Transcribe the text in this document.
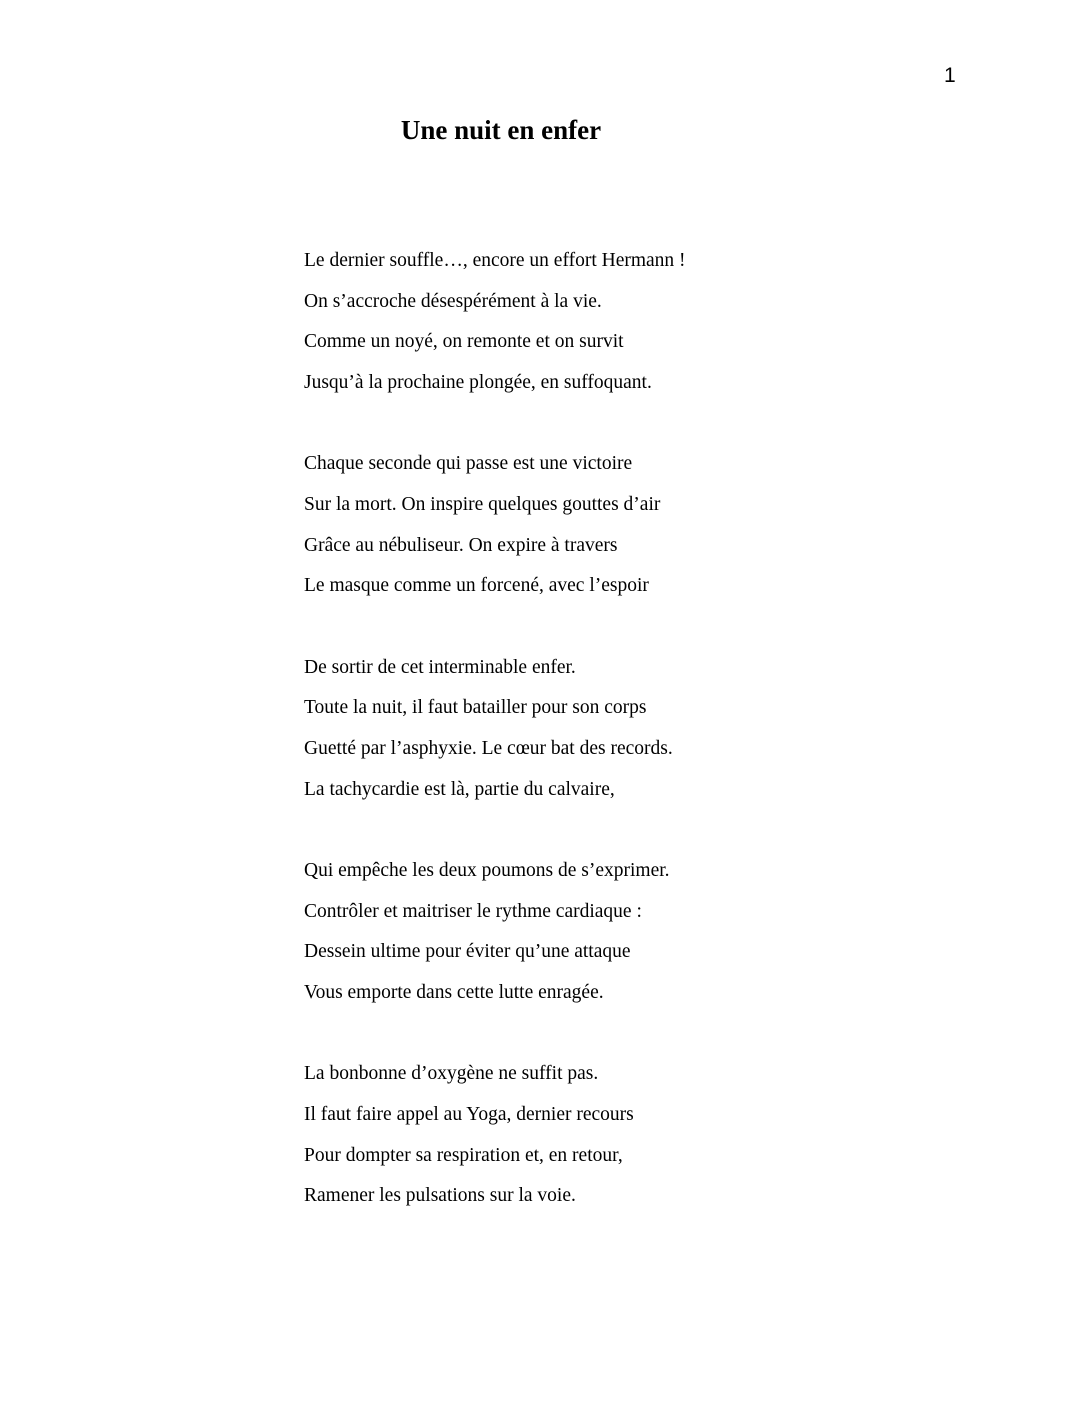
1
Une nuit en enfer
Le dernier souffle…, encore un effort Hermann !
On s’accroche désespérément à la vie.
Comme un noyé, on remonte et on survit
Jusqu’à la prochaine plongée, en suffoquant.
Chaque seconde qui passe est une victoire
Sur la mort. On inspire quelques gouttes d’air
Grâce au nébuliseur. On expire à travers
Le masque comme un forcené, avec l’espoir
De sortir de cet interminable enfer.
Toute la nuit, il faut batailler pour son corps
Guetté par l’asphyxie. Le cœur bat des records.
La tachycardie est là, partie du calvaire,
Qui empêche les deux poumons de s’exprimer.
Contrôler et maitriser le rythme cardiaque :
Dessein ultime pour éviter qu’une attaque
Vous emporte dans cette lutte enragée.
La bonbonne d’oxygène ne suffit pas.
Il faut faire appel au Yoga, dernier recours
Pour dompter sa respiration et, en retour,
Ramener les pulsations sur la voie.
